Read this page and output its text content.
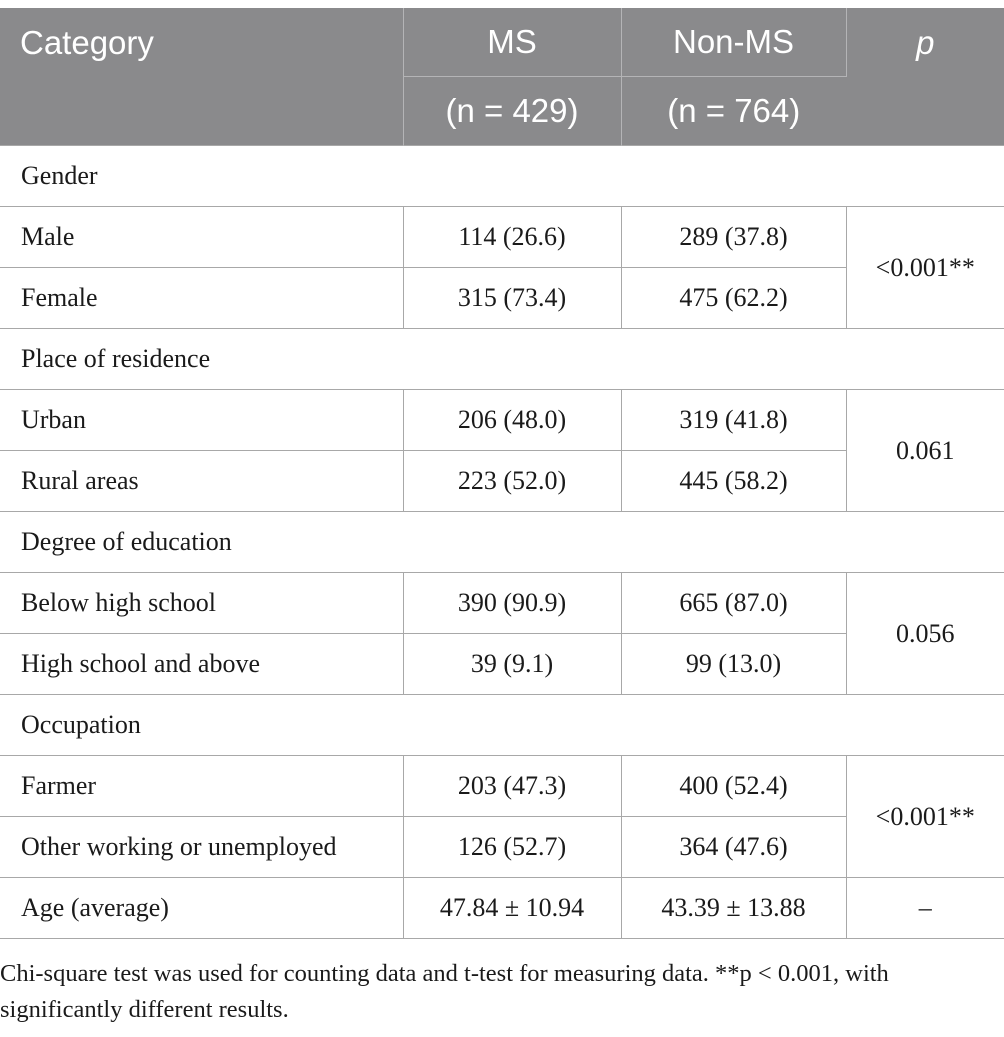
Category	MS	Non-MS	p
	(n = 429)	(n = 764)	
Gender			
Male	114 (26.6)	289 (37.8)	<0.001**
Female	315 (73.4)	475 (62.2)	
Place of residence			
Urban	206 (48.0)	319 (41.8)	0.061
Rural areas	223 (52.0)	445 (58.2)	
Degree of education			
Below high school	390 (90.9)	665 (87.0)	0.056
High school and above	39 (9.1)	99 (13.0)	
Occupation			
Farmer	203 (47.3)	400 (52.4)	<0.001**
Other working or unemployed	126 (52.7)	364 (47.6)	
Age (average)	47.84 ± 10.94	43.39 ± 13.88	–
Chi-square test was used for counting data and t-test for measuring data. **p < 0.001, with
significantly different results.
